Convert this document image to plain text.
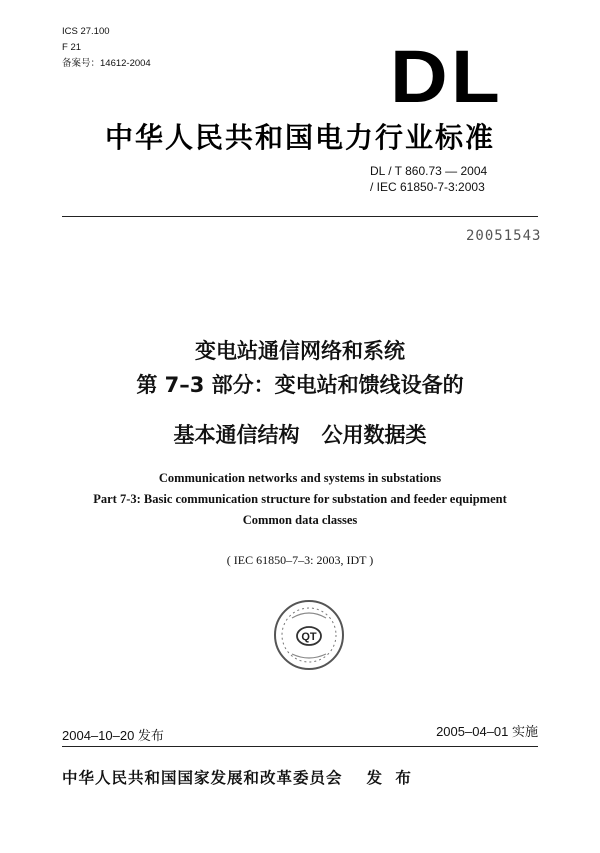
ICS 27.100
F 21
备案号：14612-2004	DL
中华人民共和国电力行业标准
DL / T 860.73 — 2004
/ IEC 61850-7-3:2003
20051543
变电站通信网络和系统
第 7–3 部分：变电站和馈线设备的
基本通信结构 公用数据类
Communication networks and systems in substations
Part 7-3: Basic communication structure for substation and feeder equipment
Common data classes
( IEC 61850–7–3: 2003, IDT )
QT
2004–10–20 发布	2005–04–01 实施
中华人民共和国国家发展和改革委员会 发 布
